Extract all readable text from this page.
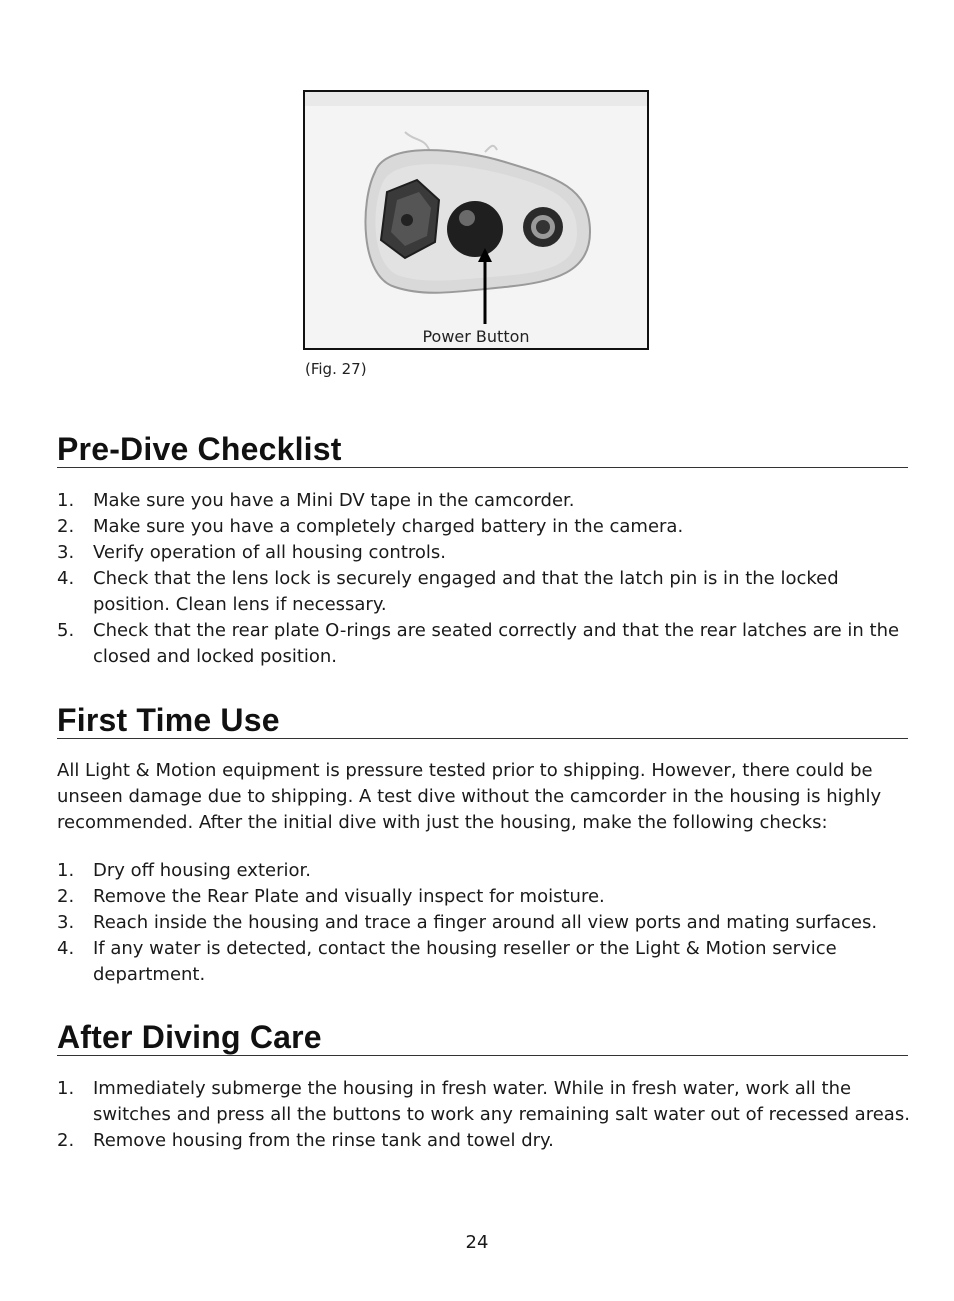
Power Button
(Fig. 27)
Pre-Dive Checklist
1. Make sure you have a Mini DV tape in the camcorder.
2. Make sure you have a completely charged battery in the camera.
3. Verify operation of all housing controls.
4. Check that the lens lock is securely engaged and that the latch pin is in the locked position. Clean lens if necessary.
5. Check that the rear plate O-rings are seated correctly and that the rear latches are in the closed and locked position.
First Time Use

All Light & Motion equipment is pressure tested prior to shipping. However, there could be unseen damage due to shipping. A test dive without the camcorder in the housing is highly recommended. After the initial dive with just the housing, make the following checks:

1. Dry off housing exterior.
2. Remove the Rear Plate and visually inspect for moisture.
3. Reach inside the housing and trace a finger around all view ports and mating surfaces.
4. If any water is detected, contact the housing reseller or the Light & Motion service department.
After Diving Care
1. Immediately submerge the housing in fresh water. While in fresh water, work all the switches and press all the buttons to work any remaining salt water out of recessed areas.
2. Remove housing from the rinse tank and towel dry.
24
